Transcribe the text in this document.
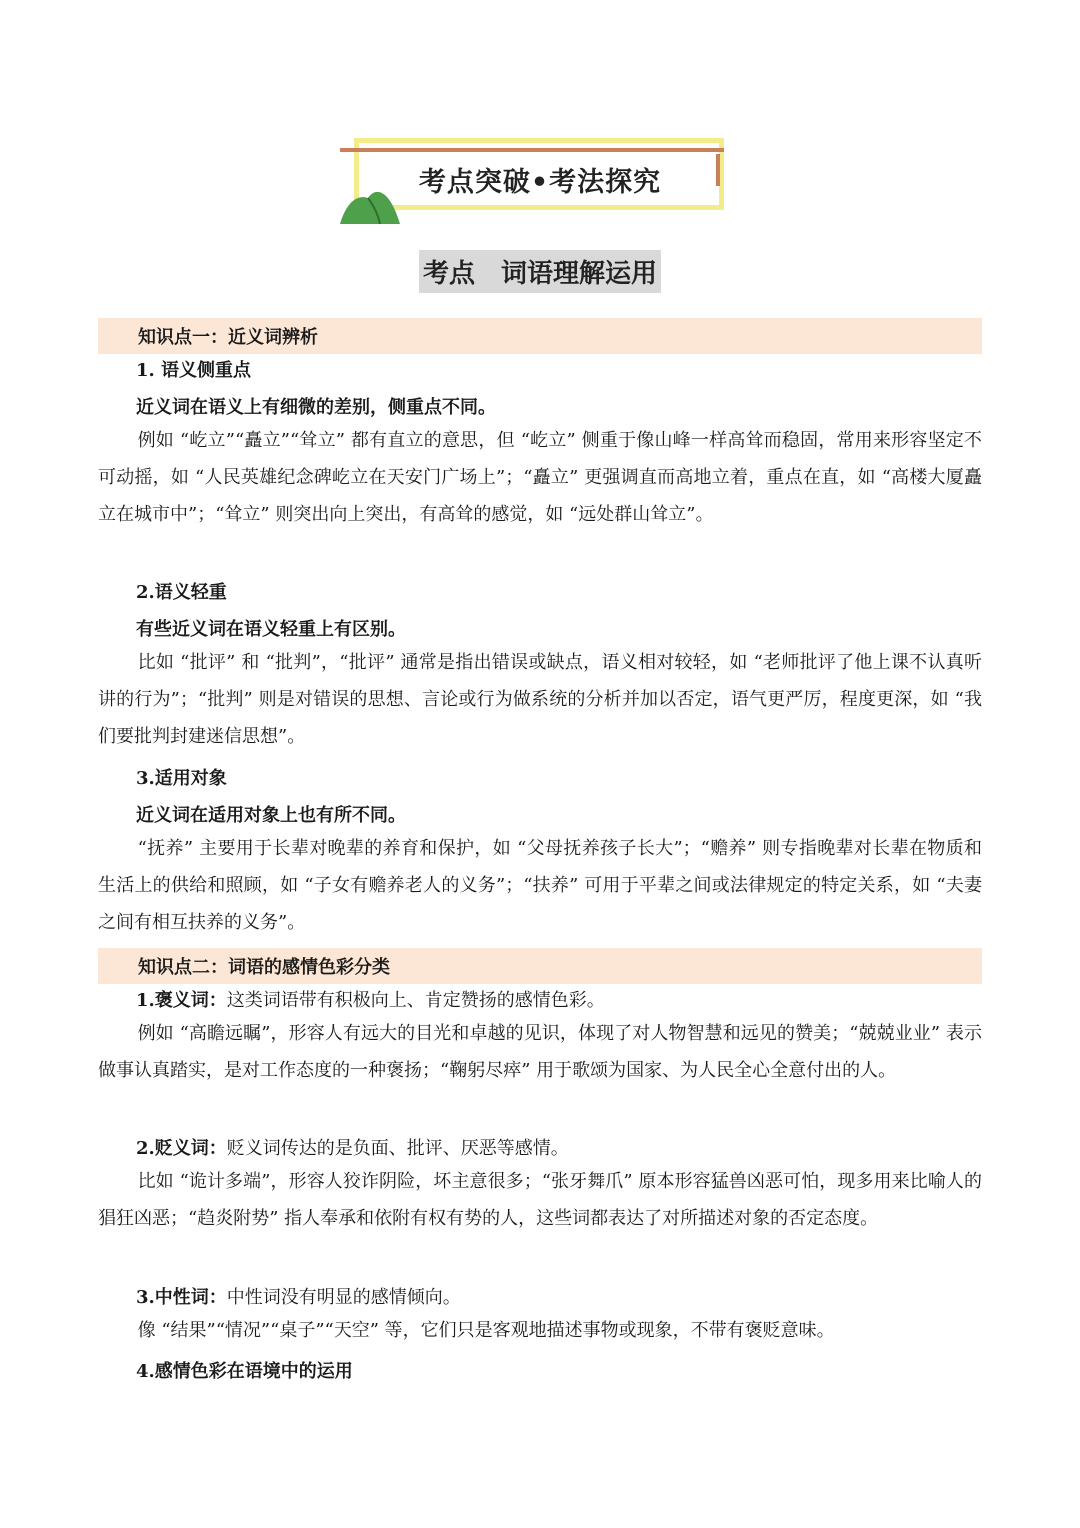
考点突破•考法探究
考点　词语理解运用
知识点一：近义词辨析
1. 语义侧重点
近义词在语义上有细微的差别，侧重点不同。

例如 “屹立”“矗立”“耸立” 都有直立的意思，但 “屹立” 侧重于像山峰一样高耸而稳固，常用来形容坚定不可动摇，如 “人民英雄纪念碑屹立在天安门广场上”；“矗立” 更强调直而高地立着，重点在直，如 “高楼大厦矗立在城市中”；“耸立” 则突出向上突出，有高耸的感觉，如 “远处群山耸立”。

2.语义轻重
有些近义词在语义轻重上有区别。

比如 “批评” 和 “批判”，“批评” 通常是指出错误或缺点，语义相对较轻，如 “老师批评了他上课不认真听讲的行为”；“批判” 则是对错误的思想、言论或行为做系统的分析并加以否定，语气更严厉，程度更深，如 “我们要批判封建迷信思想”。

3.适用对象
近义词在适用对象上也有所不同。

“抚养” 主要用于长辈对晚辈的养育和保护，如 “父母抚养孩子长大”；“赡养” 则专指晚辈对长辈在物质和生活上的供给和照顾，如 “子女有赡养老人的义务”；“扶养” 可用于平辈之间或法律规定的特定关系，如 “夫妻之间有相互扶养的义务”。

知识点二：词语的感情色彩分类
1.褒义词：这类词语带有积极向上、肯定赞扬的感情色彩。

例如 “高瞻远瞩”，形容人有远大的目光和卓越的见识，体现了对人物智慧和远见的赞美；“兢兢业业” 表示做事认真踏实，是对工作态度的一种褒扬；“鞠躬尽瘁” 用于歌颂为国家、为人民全心全意付出的人。

2.贬义词：贬义词传达的是负面、批评、厌恶等感情。

比如 “诡计多端”，形容人狡诈阴险，坏主意很多；“张牙舞爪” 原本形容猛兽凶恶可怕，现多用来比喻人的猖狂凶恶；“趋炎附势” 指人奉承和依附有权有势的人，这些词都表达了对所描述对象的否定态度。

3.中性词：中性词没有明显的感情倾向。

像 “结果”“情况”“桌子”“天空” 等，它们只是客观地描述事物或现象，不带有褒贬意味。

4.感情色彩在语境中的运用
